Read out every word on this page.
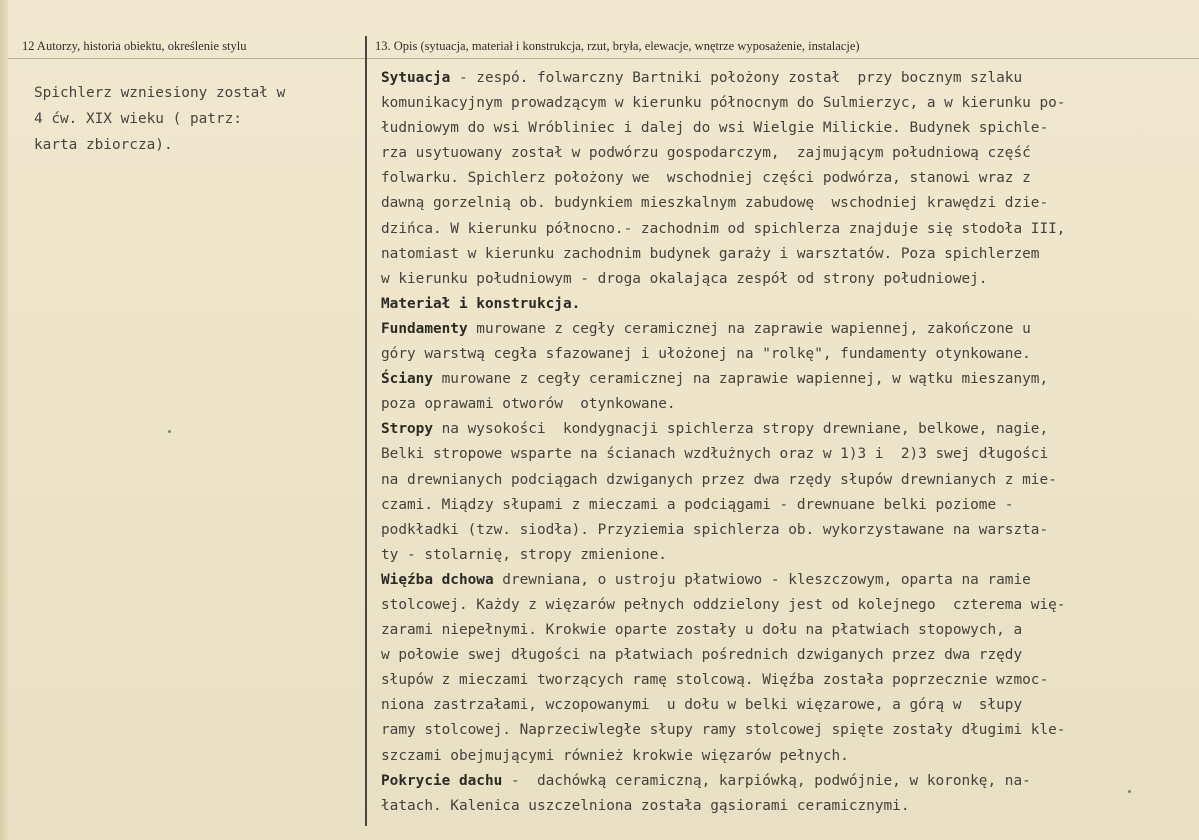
12 Autorzy, historia obiektu, określenie stylu	13. Opis (sytuacja, materiał i konstrukcja, rzut, bryła, elewacje, wnętrze wyposażenie, instalacje)
Spichlerz wzniesiony został w
4 ćw. XIX wieku ( patrz:
karta zbiorcza).
Sytuacja - zespó. folwarczny Bartniki położony został  przy bocznym szlaku
komunikacyjnym prowadzącym w kierunku północnym do Sulmierzyc, a w kierunku po-
łudniowym do wsi Wróbliniec i dalej do wsi Wielgie Milickie. Budynek spichle-
rza usytuowany został w podwórzu gospodarczym,  zajmującym południową część
folwarku. Spichlerz położony we  wschodniej części podwórza, stanowi wraz z
dawną gorzelnią ob. budynkiem mieszkalnym zabudowę  wschodniej krawędzi dzie-
dzińca. W kierunku północno.- zachodnim od spichlerza znajduje się stodoła III,
natomiast w kierunku zachodnim budynek garaży i warsztatów. Poza spichlerzem
w kierunku południowym - droga okalająca zespół od strony południowej.
Materiał i konstrukcja.
Fundamenty murowane z cegły ceramicznej na zaprawie wapiennej, zakończone u
góry warstwą cegła sfazowanej i ułożonej na "rolkę", fundamenty otynkowane.
Ściany murowane z cegły ceramicznej na zaprawie wapiennej, w wątku mieszanym,
poza oprawami otworów  otynkowane.
Stropy na wysokości  kondygnacji spichlerza stropy drewniane, belkowe, nagie,
Belki stropowe wsparte na ścianach wzdłużnych oraz w 1)3 i  2)3 swej długości
na drewnianych podciągach dzwiganych przez dwa rzędy słupów drewnianych z mie-
czami. Miądzy słupami z mieczami a podciągami - drewnuane belki poziome -
podkładki (tzw. siodła). Przyziemia spichlerza ob. wykorzystawane na warszta-
ty - stolarnię, stropy zmienione.
Więźba dchowa drewniana, o ustroju płatwiowo - kleszczowym, oparta na ramie
stolcowej. Każdy z więzarów pełnych oddzielony jest od kolejnego  czterema wię-
zarami niepełnymi. Krokwie oparte zostały u dołu na płatwiach stopowych, a
w połowie swej długości na płatwiach pośrednich dzwiganych przez dwa rzędy
słupów z mieczami tworzących ramę stolcową. Więźba została poprzecznie wzmoc-
niona zastrzałami, wczopowanymi  u dołu w belki więzarowe, a górą w  słupy
ramy stolcowej. Naprzeciwległe słupy ramy stolcowej spięte zostały długimi kle-
szczami obejmującymi również krokwie więzarów pełnych.
Pokrycie dachu -  dachówką ceramiczną, karpiówką, podwójnie, w koronkę, na-
łatach. Kalenica uszczelniona została gąsiorami ceramicznymi.
